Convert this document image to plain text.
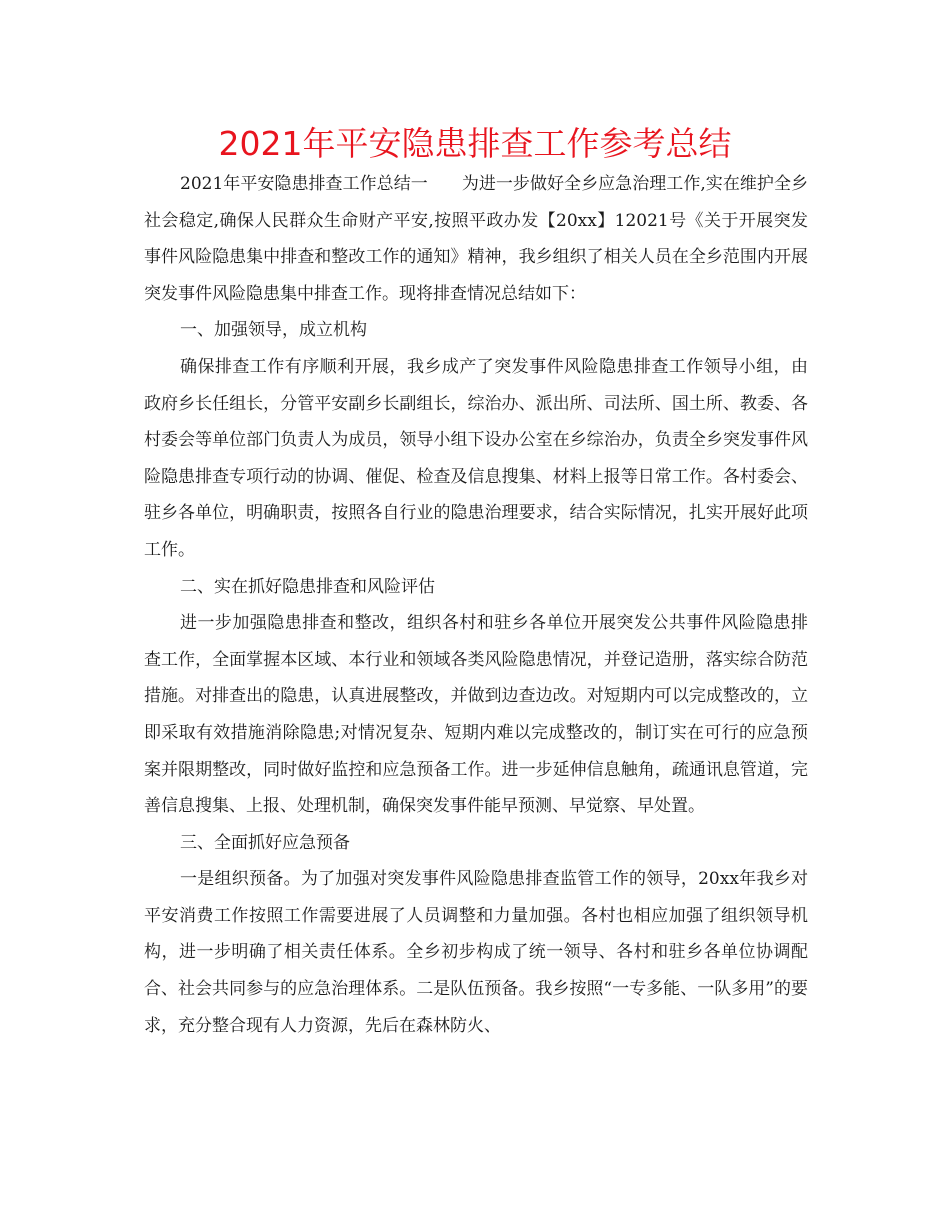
2021年平安隐患排查工作参考总结

2021年平安隐患排查工作总结一 为进一步做好全乡应急治理工作,实在维护全乡社会稳定,确保人民群众生命财产平安,按照平政办发【20xx】12021号《关于开展突发事件风险隐患集中排查和整改工作的通知》精神，我乡组织了相关人员在全乡范围内开展突发事件风险隐患集中排查工作。现将排查情况总结如下：

一、加强领导，成立机构

确保排查工作有序顺利开展，我乡成产了突发事件风险隐患排查工作领导小组，由政府乡长任组长，分管平安副乡长副组长，综治办、派出所、司法所、国土所、教委、各村委会等单位部门负责人为成员，领导小组下设办公室在乡综治办，负责全乡突发事件风险隐患排查专项行动的协调、催促、检查及信息搜集、材料上报等日常工作。各村委会、驻乡各单位，明确职责，按照各自行业的隐患治理要求，结合实际情况，扎实开展好此项工作。

二、实在抓好隐患排查和风险评估

进一步加强隐患排查和整改，组织各村和驻乡各单位开展突发公共事件风险隐患排查工作，全面掌握本区域、本行业和领域各类风险隐患情况，并登记造册，落实综合防范措施。对排查出的隐患，认真进展整改，并做到边查边改。对短期内可以完成整改的，立即采取有效措施消除隐患;对情况复杂、短期内难以完成整改的，制订实在可行的应急预案并限期整改，同时做好监控和应急预备工作。进一步延伸信息触角，疏通讯息管道，完善信息搜集、上报、处理机制，确保突发事件能早预测、早觉察、早处置。

三、全面抓好应急预备

一是组织预备。为了加强对突发事件风险隐患排查监管工作的领导，20xx年我乡对平安消费工作按照工作需要进展了人员调整和力量加强。各村也相应加强了组织领导机构，进一步明确了相关责任体系。全乡初步构成了统一领导、各村和驻乡各单位协调配合、社会共同参与的应急治理体系。二是队伍预备。我乡按照“一专多能、一队多用”的要求，充分整合现有人力资源，先后在森林防火、
